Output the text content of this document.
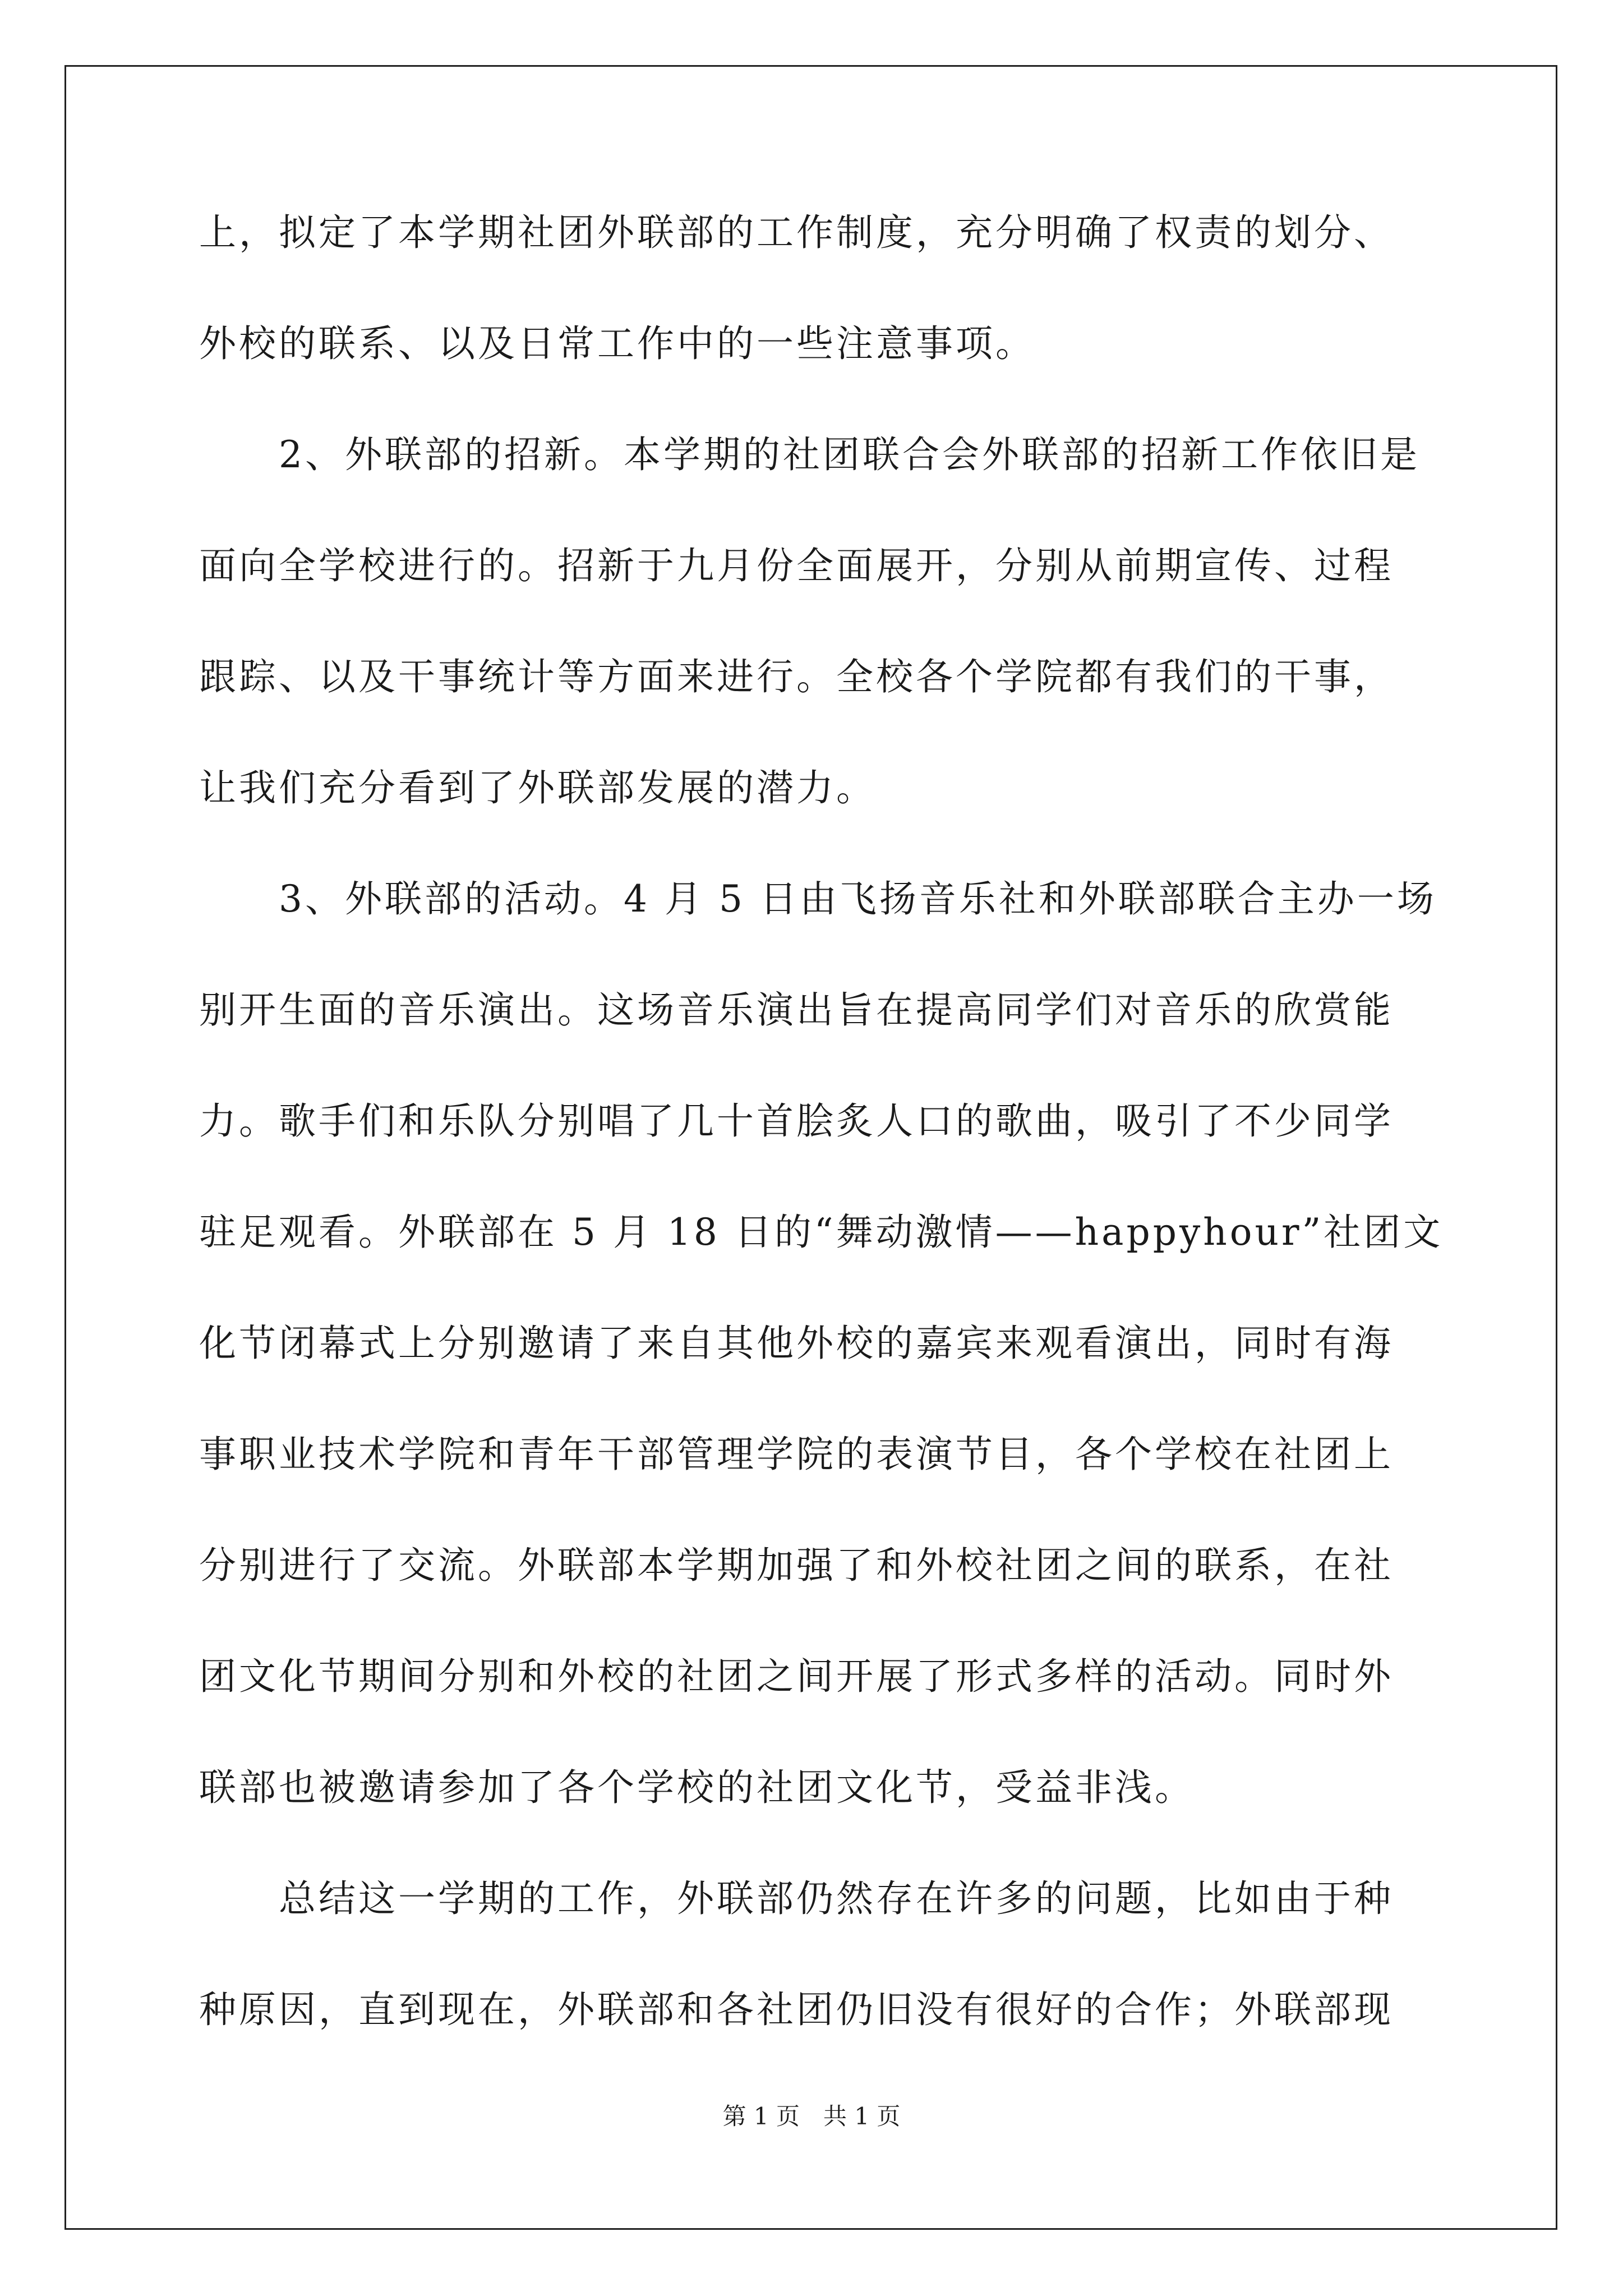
上，拟定了本学期社团外联部的工作制度，充分明确了权责的划分、
外校的联系、以及日常工作中的一些注意事项。
　　2、外联部的招新。本学期的社团联合会外联部的招新工作依旧是
面向全学校进行的。招新于九月份全面展开，分别从前期宣传、过程
跟踪、以及干事统计等方面来进行。全校各个学院都有我们的干事，
让我们充分看到了外联部发展的潜力。
　　3、外联部的活动。4 月 5 日由飞扬音乐社和外联部联合主办一场
别开生面的音乐演出。这场音乐演出旨在提高同学们对音乐的欣赏能
力。歌手们和乐队分别唱了几十首脍炙人口的歌曲，吸引了不少同学
驻足观看。外联部在 5 月 18 日的“舞动激情——happyhour”社团文
化节闭幕式上分别邀请了来自其他外校的嘉宾来观看演出，同时有海
事职业技术学院和青年干部管理学院的表演节目，各个学校在社团上
分别进行了交流。外联部本学期加强了和外校社团之间的联系，在社
团文化节期间分别和外校的社团之间开展了形式多样的活动。同时外
联部也被邀请参加了各个学校的社团文化节，受益非浅。
　　总结这一学期的工作，外联部仍然存在许多的问题，比如由于种
种原因，直到现在，外联部和各社团仍旧没有很好的合作；外联部现
第 1 页　共 1 页
